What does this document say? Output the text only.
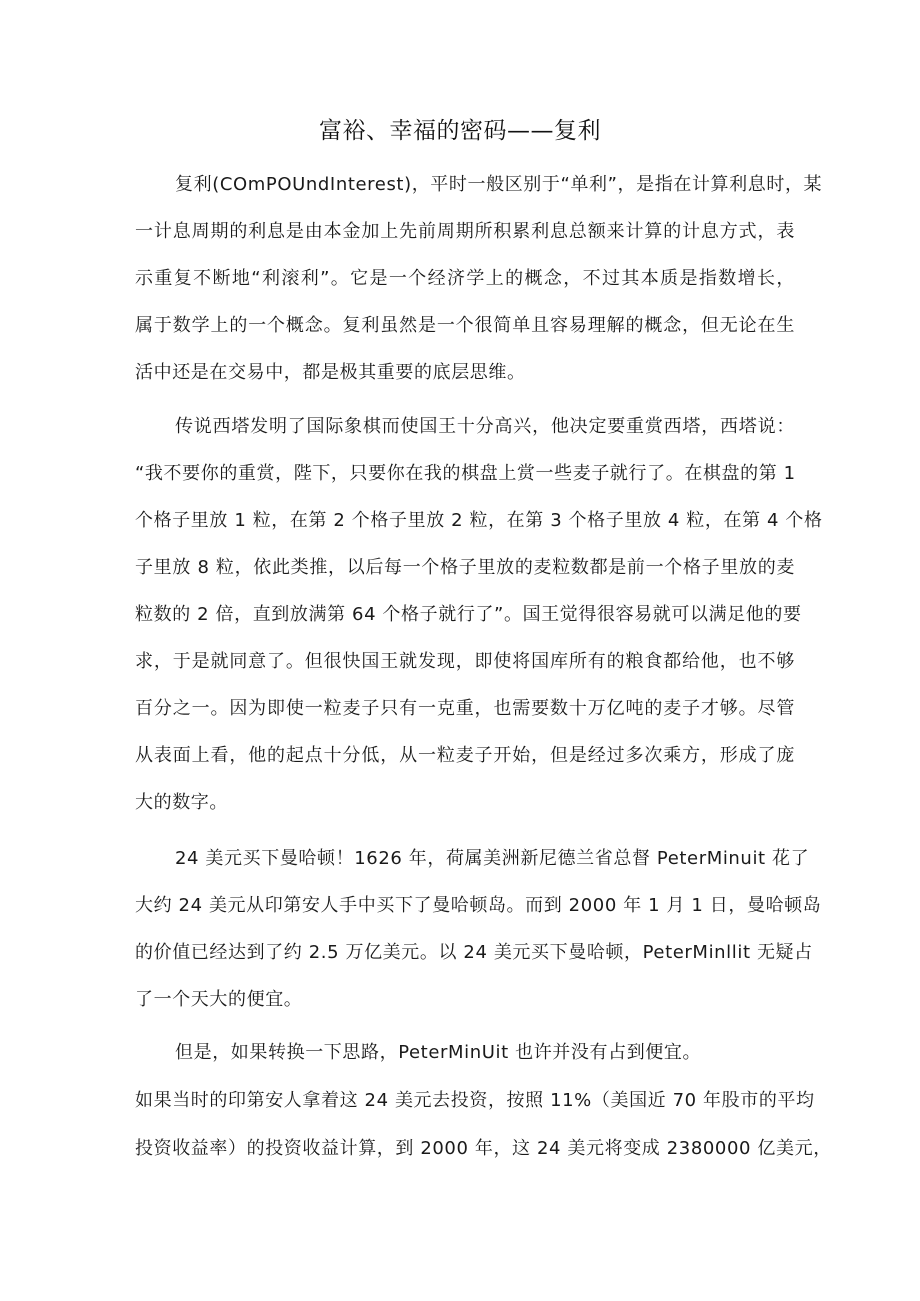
富裕、幸福的密码——复利
复利(COmPOUndInterest)，平时一般区别于“单利”，是指在计算利息时，某
一计息周期的利息是由本金加上先前周期所积累利息总额来计算的计息方式，表
示重复不断地“利滚利”。它是一个经济学上的概念，不过其本质是指数增长，
属于数学上的一个概念。复利虽然是一个很简单且容易理解的概念，但无论在生
活中还是在交易中，都是极其重要的底层思维。
传说西塔发明了国际象棋而使国王十分高兴，他决定要重赏西塔，西塔说：
“我不要你的重赏，陛下，只要你在我的棋盘上赏一些麦子就行了。在棋盘的第 1
个格子里放 1 粒，在第 2 个格子里放 2 粒，在第 3 个格子里放 4 粒，在第 4 个格
子里放 8 粒，依此类推，以后每一个格子里放的麦粒数都是前一个格子里放的麦
粒数的 2 倍，直到放满第 64 个格子就行了”。国王觉得很容易就可以满足他的要
求，于是就同意了。但很快国王就发现，即使将国库所有的粮食都给他，也不够
百分之一。因为即使一粒麦子只有一克重，也需要数十万亿吨的麦子才够。尽管
从表面上看，他的起点十分低，从一粒麦子开始，但是经过多次乘方，形成了庞
大的数字。
24 美元买下曼哈顿！1626 年，荷属美洲新尼德兰省总督 PeterMinuit 花了
大约 24 美元从印第安人手中买下了曼哈顿岛。而到 2000 年 1 月 1 日，曼哈顿岛
的价值已经达到了约 2.5 万亿美元。以 24 美元买下曼哈顿，PeterMinllit 无疑占
了一个天大的便宜。
但是，如果转换一下思路，PeterMinUit 也许并没有占到便宜。
如果当时的印第安人拿着这 24 美元去投资，按照 11%（美国近 70 年股市的平均
投资收益率）的投资收益计算，到 2000 年，这 24 美元将变成 2380000 亿美元，
